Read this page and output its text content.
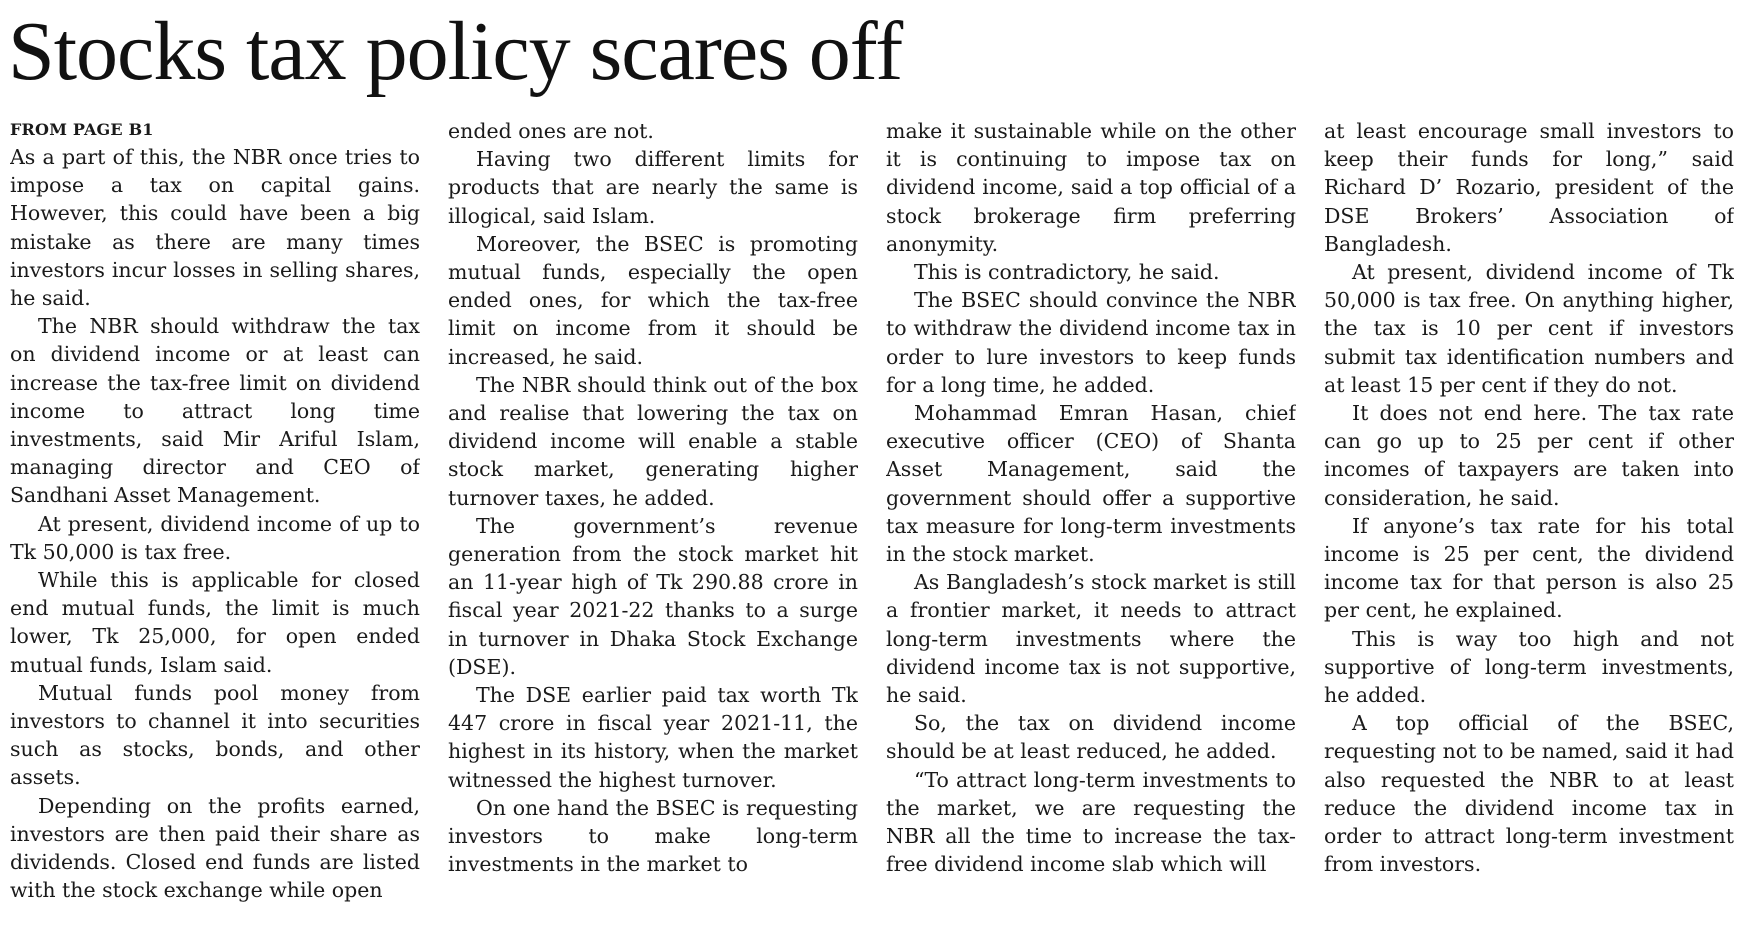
Stocks tax policy scares off

FROM PAGE B1

As a part of this, the NBR once tries to impose a tax on capital gains. However, this could have been a big mistake as there are many times investors incur losses in selling shares, he said.

The NBR should withdraw the tax on dividend income or at least can increase the tax-free limit on dividend income to attract long time investments, said Mir Ariful Islam, managing director and CEO of Sandhani Asset Management.

At present, dividend income of up to Tk 50,000 is tax free.

While this is applicable for closed end mutual funds, the limit is much lower, Tk 25,000, for open ended mutual funds, Islam said.

Mutual funds pool money from investors to channel it into securities such as stocks, bonds, and other assets.

Depending on the profits earned, investors are then paid their share as dividends. Closed end funds are listed with the stock exchange while open

ended ones are not.

Having two different limits for products that are nearly the same is illogical, said Islam.

Moreover, the BSEC is promoting mutual funds, especially the open ended ones, for which the tax-free limit on income from it should be increased, he said.

The NBR should think out of the box and realise that lowering the tax on dividend income will enable a stable stock market, generating higher turnover taxes, he added.

The government’s revenue generation from the stock market hit an 11-year high of Tk 290.88 crore in fiscal year 2021-22 thanks to a surge in turnover in Dhaka Stock Exchange (DSE).

The DSE earlier paid tax worth Tk 447 crore in fiscal year 2021-11, the highest in its history, when the market witnessed the highest turnover.

On one hand the BSEC is requesting investors to make long-term investments in the market to

make it sustainable while on the other it is continuing to impose tax on dividend income, said a top official of a stock brokerage firm preferring anonymity.

This is contradictory, he said.

The BSEC should convince the NBR to withdraw the dividend income tax in order to lure investors to keep funds for a long time, he added.

Mohammad Emran Hasan, chief executive officer (CEO) of Shanta Asset Management, said the government should offer a supportive tax measure for long-term investments in the stock market.

As Bangladesh’s stock market is still a frontier market, it needs to attract long-term investments where the dividend income tax is not supportive, he said.

So, the tax on dividend income should be at least reduced, he added.

“To attract long-term investments to the market, we are requesting the NBR all the time to increase the tax-free dividend income slab which will

at least encourage small investors to keep their funds for long,” said Richard D’ Rozario, president of the DSE Brokers’ Association of Bangladesh.

At present, dividend income of Tk 50,000 is tax free. On anything higher, the tax is 10 per cent if investors submit tax identification numbers and at least 15 per cent if they do not.

It does not end here. The tax rate can go up to 25 per cent if other incomes of taxpayers are taken into consideration, he said.

If anyone’s tax rate for his total income is 25 per cent, the dividend income tax for that person is also 25 per cent, he explained.

This is way too high and not supportive of long-term investments, he added.

A top official of the BSEC, requesting not to be named, said it had also requested the NBR to at least reduce the dividend income tax in order to attract long-term investment from investors.
